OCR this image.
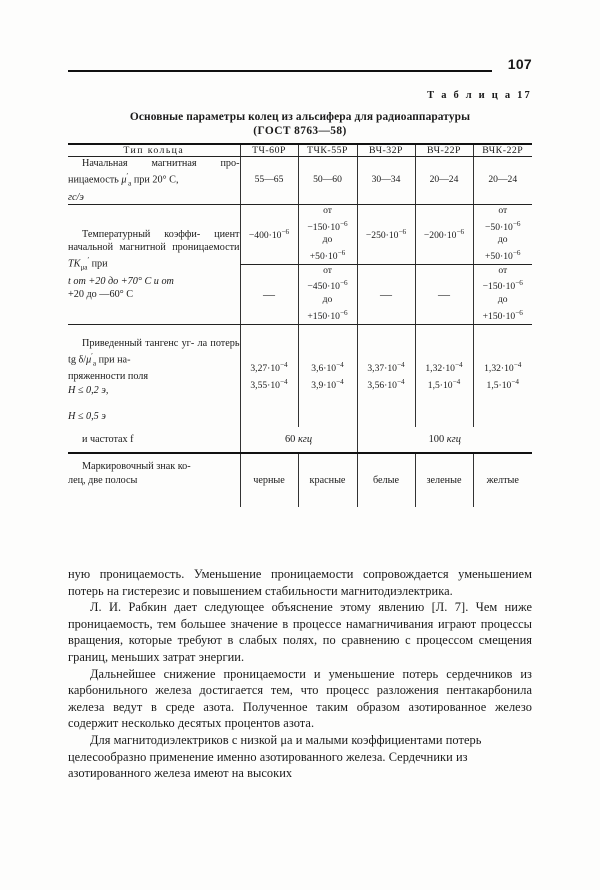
107
Т а б л и ц а 17
Основные параметры колец из альсифера для радиоаппаратуры
(ГОСТ 8763—58)
Тип кольца	ТЧ-60Р	ТЧК-55Р	ВЧ-32Р	ВЧ-22Р	ВЧК-22Р

Начальная магнитная про- ницаемость $\mu'_a$ при 20° С,
гс/э	55—65	50—60	30—34	20—24	20—24

Температурный коэффи- циент начальной магнитной проницаемости $ТК_{\mu a}'$ при
t от +20 до +70° С и от
+20 до —60° С	$-400\cdot 10^{-6}$	от
$-150\cdot 10^{-6}$
до
$+50\cdot 10^{-6}$	$-250\cdot 10^{-6}$	$-200\cdot 10^{-6}$	от
$-50\cdot 10^{-6}$
до
$+50\cdot 10^{-6}$

	—	от
$-450\cdot 10^{-6}$
до
$+150\cdot 10^{-6}$	—	—	от
$-150\cdot 10^{-6}$
до
$+150\cdot 10^{-6}$

Приведенный тангенс уг- ла потерь tg $\delta/\mu'_a$ при на-
пряженности поля
H ≤ 0,2 э,

H ≤ 0,5 э	$3,27\cdot 10^{-4}$
$3,55\cdot 10^{-4}$	$3,6\cdot 10^{-4}$
$3,9\cdot 10^{-4}$	$3,37\cdot 10^{-4}$
$3,56\cdot 10^{-4}$	$1,32\cdot 10^{-4}$
$1,5\cdot 10^{-4}$	$1,32\cdot 10^{-4}$
$1,5\cdot 10^{-4}$

и частотах f	60 кгц		100 кгц		

Маркировочный знак ко-
лец, две полосы	черные	красные	белые	зеленые	желтые

ную проницаемость. Уменьшение проницаемости сопровождается уменьшением потерь на гистерезис и повышением стабильности магнитодиэлектрика.

Л. И. Рабкин дает следующее объяснение этому явлению [Л. 7]. Чем ниже проницаемость, тем большее значение в процессе намагничивания играют процессы вращения, которые требуют в слабых полях, по сравнению с процессом смещения границ, меньших затрат энергии.

Дальнейшее снижение проницаемости и уменьшение потерь сердечников из карбонильного железа достигается тем, что процесс разложения пентакарбонила железа ведут в среде азота. Полученное таким образом азотированное железо содержит несколько десятых процентов азота.

Для магнитодиэлектриков с низкой μa и малыми коэффициентами потерь целесообразно применение именно азотированного железа. Сердечники из азотированного железа имеют на высоких
